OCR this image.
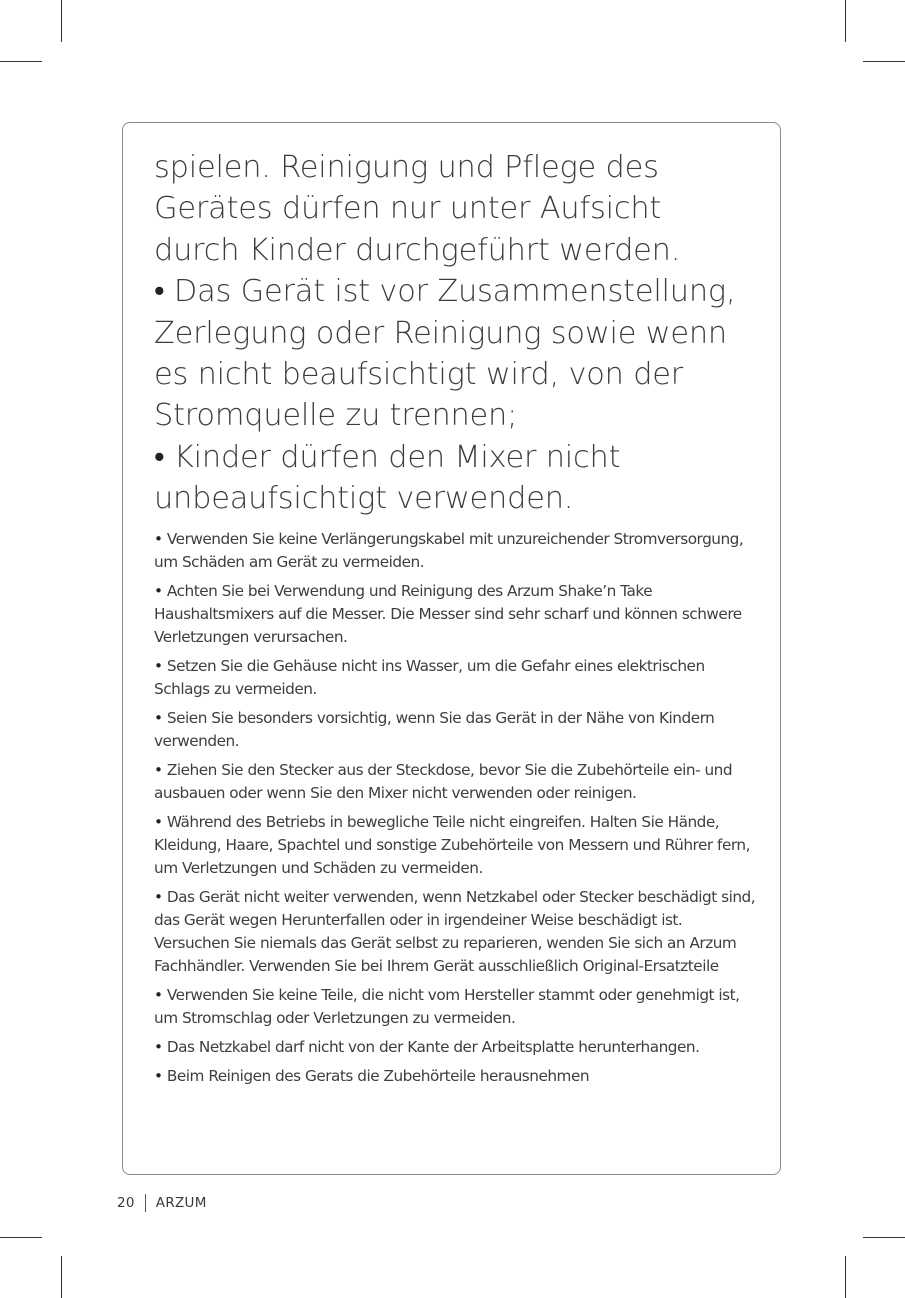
spielen. Reinigung und Pflege des

Gerätes dürfen nur unter Aufsicht

durch Kinder durchgeführt werden.

• Das Gerät ist vor Zusammenstellung, Zerlegung oder Reinigung sowie wenn es nicht beaufsichtigt wird, von der Stromquelle zu trennen;

• Kinder dürfen den Mixer nicht unbeaufsichtigt verwenden.

• Verwenden Sie keine Verlängerungskabel mit unzureichender Stromversorgung, um Schäden am Gerät zu vermeiden.

• Achten Sie bei Verwendung und Reinigung des Arzum Shake’n Take Haushaltsmixers auf die Messer. Die Messer sind sehr scharf und können schwere Verletzungen verursachen.

• Setzen Sie die Gehäuse nicht ins Wasser, um die Gefahr eines elektrischen Schlags zu vermeiden.

• Seien Sie besonders vorsichtig, wenn Sie das Gerät in der Nähe von Kindern verwenden.

• Ziehen Sie den Stecker aus der Steckdose, bevor Sie die Zubehörteile ein- und ausbauen oder wenn Sie den Mixer nicht verwenden oder reinigen.

• Während des Betriebs in bewegliche Teile nicht eingreifen. Halten Sie Hände, Kleidung, Haare, Spachtel und sonstige Zubehörteile von Messern und Rührer fern, um Verletzungen und Schäden zu vermeiden.

• Das Gerät nicht weiter verwenden, wenn Netzkabel oder Stecker beschädigt sind, das Gerät wegen Herunterfallen oder in irgendeiner Weise beschädigt ist. Versuchen Sie niemals das Gerät selbst zu reparieren, wenden Sie sich an Arzum Fachhändler. Verwenden Sie bei Ihrem Gerät ausschließlich Original-Ersatzteile

• Verwenden Sie keine Teile, die nicht vom Hersteller stammt oder genehmigt ist, um Stromschlag oder Verletzungen zu vermeiden.

• Das Netzkabel darf nicht von der Kante der Arbeitsplatte herunterhangen.

• Beim Reinigen des Gerats die Zubehörteile herausnehmen

20 ARZUM
